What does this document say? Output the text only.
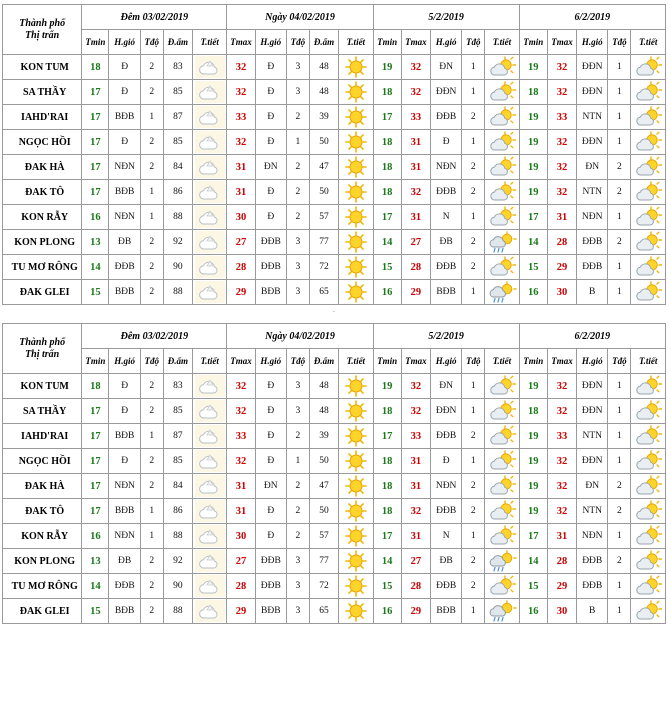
Thành phố
Thị trấn	Đêm 03/02/2019					Ngày 04/02/2019					5/2/2019					6/2/2019				
	Tmin	H.gió	Tđộ	Đ.ẩm	T.tiết	Tmax	H.gió	Tđộ	Đ.ẩm	T.tiết	Tmin	Tmax	H.gió	Tđộ	T.tiết	Tmin	Tmax	H.gió	Tđộ	T.tiết
KON TUM	18	Đ	2	83		32	Đ	3	48		19	32	ĐN	1		19	32	ĐĐN	1	

SA THẦY	17	Đ	2	85		32	Đ	3	48		18	32	ĐĐN	1		18	32	ĐĐN	1	

IAHD'RAI	17	BĐB	1	87		33	Đ	2	39		17	33	ĐĐB	2		19	33	NTN	1	

NGỌC HỒI	17	Đ	2	85		32	Đ	1	50		18	31	Đ	1		19	32	ĐĐN	1	

ĐAK HÀ	17	NĐN	2	84		31	ĐN	2	47		18	31	NĐN	2		19	32	ĐN	2	

ĐAK TÔ	17	BĐB	1	86		31	Đ	2	50		18	32	ĐĐB	2		19	32	NTN	2	

KON RẪY	16	NĐN	1	88		30	Đ	2	57		17	31	N	1		17	31	NĐN	1	

KON PLONG	13	ĐB	2	92		27	ĐĐB	3	77		14	27	ĐB	2		14	28	ĐĐB	2	

TU MƠ RÔNG	14	ĐĐB	2	90		28	ĐĐB	3	72		15	28	ĐĐB	2		15	29	ĐĐB	1	

ĐAK GLEI	15	BĐB	2	88		29	BĐB	3	65		16	29	BĐB	1		16	30	B	1	
.
Thành phố
Thị trấn	Đêm 03/02/2019					Ngày 04/02/2019					5/2/2019					6/2/2019				
	Tmin	H.gió	Tđộ	Đ.ẩm	T.tiết	Tmax	H.gió	Tđộ	Đ.ẩm	T.tiết	Tmin	Tmax	H.gió	Tđộ	T.tiết	Tmin	Tmax	H.gió	Tđộ	T.tiết
KON TUM	18	Đ	2	83		32	Đ	3	48		19	32	ĐN	1		19	32	ĐĐN	1	

SA THẦY	17	Đ	2	85		32	Đ	3	48		18	32	ĐĐN	1		18	32	ĐĐN	1	

IAHD'RAI	17	BĐB	1	87		33	Đ	2	39		17	33	ĐĐB	2		19	33	NTN	1	

NGỌC HỒI	17	Đ	2	85		32	Đ	1	50		18	31	Đ	1		19	32	ĐĐN	1	

ĐAK HÀ	17	NĐN	2	84		31	ĐN	2	47		18	31	NĐN	2		19	32	ĐN	2	

ĐAK TÔ	17	BĐB	1	86		31	Đ	2	50		18	32	ĐĐB	2		19	32	NTN	2	

KON RẪY	16	NĐN	1	88		30	Đ	2	57		17	31	N	1		17	31	NĐN	1	

KON PLONG	13	ĐB	2	92		27	ĐĐB	3	77		14	27	ĐB	2		14	28	ĐĐB	2	

TU MƠ RÔNG	14	ĐĐB	2	90		28	ĐĐB	3	72		15	28	ĐĐB	2		15	29	ĐĐB	1	

ĐAK GLEI	15	BĐB	2	88		29	BĐB	3	65		16	29	BĐB	1		16	30	B	1	
